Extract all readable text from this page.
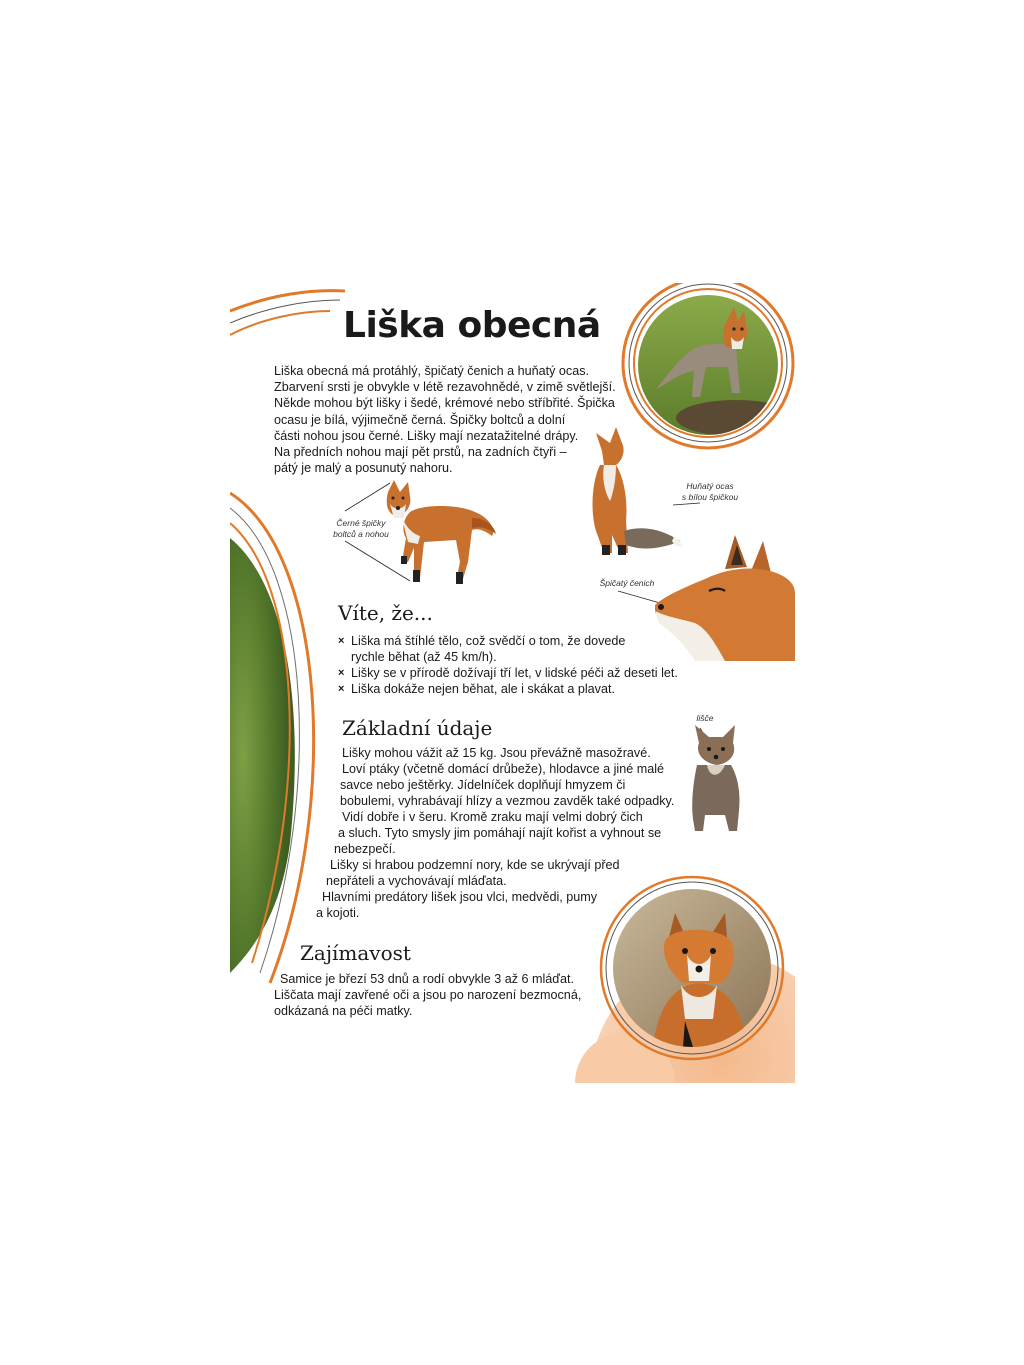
Liška obecná

Liška obecná má protáhlý, špičatý čenich a huňatý ocas.

Zbarvení srsti je obvykle v létě rezavohnědé, v zimě světlejší.

Někde mohou být lišky i šedé, krémové nebo stříbřité. Špička

ocasu je bílá, výjimečně černá. Špičky boltců a dolní

části nohou jsou černé. Lišky mají nezatažitelné drápy.

Na předních nohou mají pět prstů, na zadních čtyři –

pátý je malý a posunutý nahoru.

Černé špičky
boltců a nohou
Huňatý ocas
s bílou špičkou
Špičatý čenich
Víte, že...
× Liška má štíhlé tělo, což svědčí o tom, že dovede
rychle běhat (až 45 km/h).
× Lišky se v přírodě dožívají tří let, v lidské péči až deseti let.
× Liška dokáže nejen běhat, ale i skákat a plavat.
Základní údaje
Lišky mohou vážit až 15 kg. Jsou převážně masožravé.
Loví ptáky (včetně domácí drůbeže), hlodavce a jiné malé
savce nebo ještěrky. Jídelníček doplňují hmyzem či
bobulemi, vyhrabávají hlízy a vezmou zavděk také odpadky.
Vidí dobře i v šeru. Kromě zraku mají velmi dobrý čich
a sluch. Tyto smysly jim pomáhají najít kořist a vyhnout se
nebezpečí.
Lišky si hrabou podzemní nory, kde se ukrývají před
nepřáteli a vychovávají mláďata.
Hlavními predátory lišek jsou vlci, medvědi, pumy
a kojoti.
lišče
Zajímavost
Samice je březí 53 dnů a rodí obvykle 3 až 6 mláďat.
Liščata mají zavřené oči a jsou po narození bezmocná,
odkázaná na péči matky.
